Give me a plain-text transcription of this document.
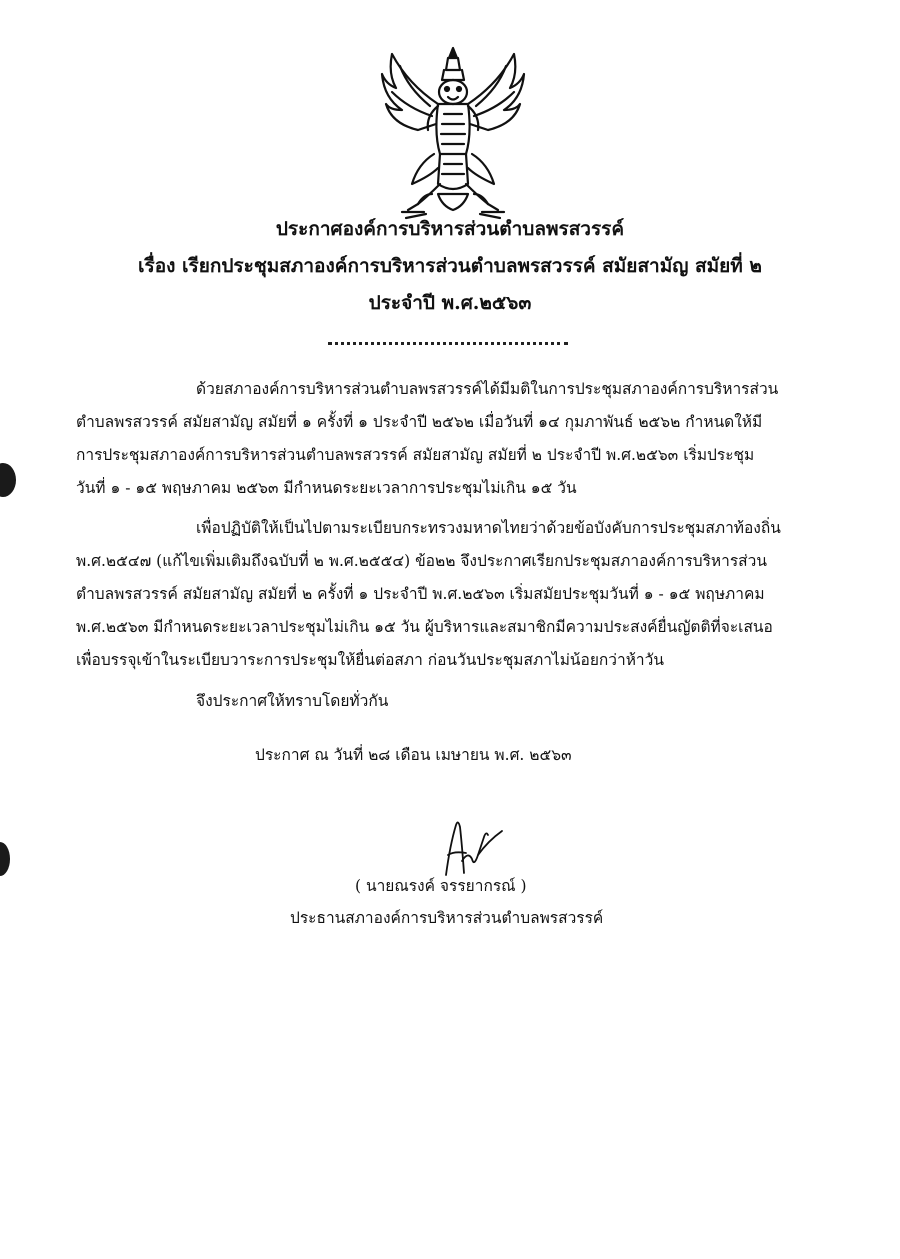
ประกาศองค์การบริหารส่วนตำบลพรสวรรค์
เรื่อง เรียกประชุมสภาองค์การบริหารส่วนตำบลพรสวรรค์ สมัยสามัญ สมัยที่ ๒
ประจำปี พ.ศ.๒๕๖๓
ด้วยสภาองค์การบริหารส่วนตำบลพรสวรรค์ได้มีมติในการประชุมสภาองค์การบริหารส่วน
ตำบลพรสวรรค์ สมัยสามัญ สมัยที่ ๑ ครั้งที่ ๑ ประจำปี ๒๕๖๒ เมื่อวันที่ ๑๔ กุมภาพันธ์ ๒๕๖๒ กำหนดให้มี
การประชุมสภาองค์การบริหารส่วนตำบลพรสวรรค์ สมัยสามัญ สมัยที่ ๒ ประจำปี พ.ศ.๒๕๖๓ เริ่มประชุม
วันที่ ๑ - ๑๕ พฤษภาคม ๒๕๖๓ มีกำหนดระยะเวลาการประชุมไม่เกิน ๑๕ วัน
เพื่อปฏิบัติให้เป็นไปตามระเบียบกระทรวงมหาดไทยว่าด้วยข้อบังคับการประชุมสภาท้องถิ่น
พ.ศ.๒๕๔๗ (แก้ไขเพิ่มเติมถึงฉบับที่ ๒ พ.ศ.๒๕๕๔) ข้อ๒๒ จึงประกาศเรียกประชุมสภาองค์การบริหารส่วน
ตำบลพรสวรรค์ สมัยสามัญ สมัยที่ ๒ ครั้งที่ ๑ ประจำปี พ.ศ.๒๕๖๓ เริ่มสมัยประชุมวันที่ ๑ - ๑๕ พฤษภาคม
พ.ศ.๒๕๖๓ มีกำหนดระยะเวลาประชุมไม่เกิน ๑๕ วัน ผู้บริหารและสมาชิกมีความประสงค์ยื่นญัตติที่จะเสนอ
เพื่อบรรจุเข้าในระเบียบวาระการประชุมให้ยื่นต่อสภา ก่อนวันประชุมสภาไม่น้อยกว่าห้าวัน
จึงประกาศให้ทราบโดยทั่วกัน
ประกาศ ณ วันที่ ๒๘ เดือน เมษายน พ.ศ. ๒๕๖๓
( นายณรงค์ จรรยากรณ์ )
ประธานสภาองค์การบริหารส่วนตำบลพรสวรรค์
